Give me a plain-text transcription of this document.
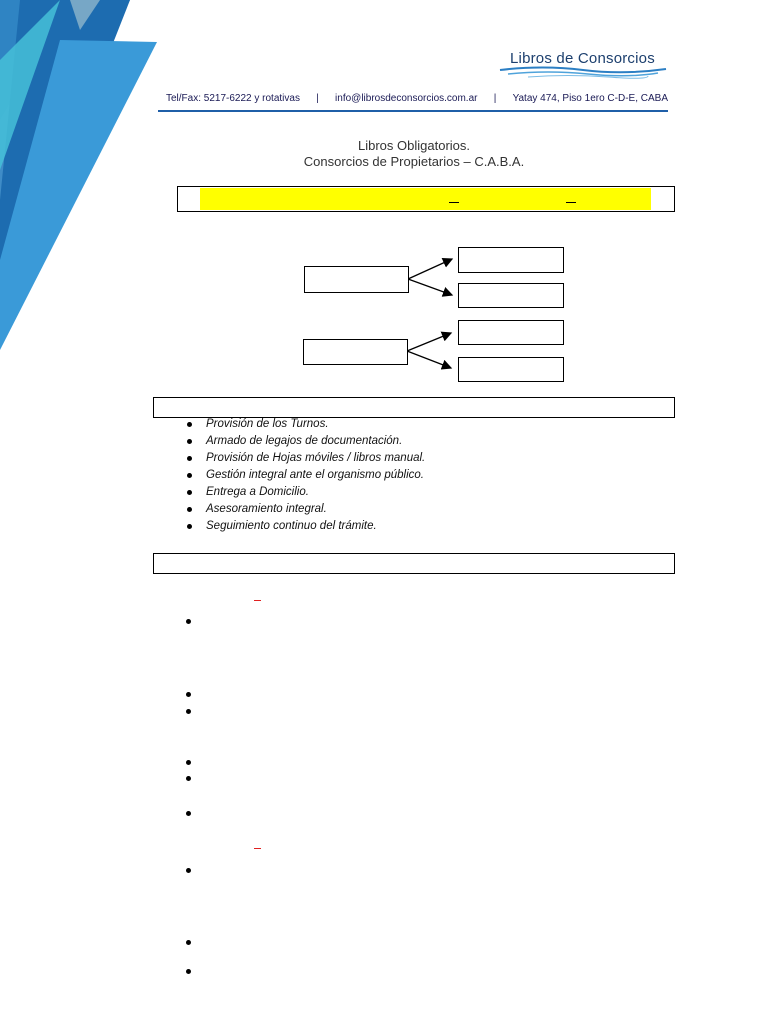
Libros de Consorcios
Tel/Fax: 5217-6222 y rotativas | info@librosdeconsorcios.com.ar | Yatay 474, Piso 1ero C-D-E, CABA
Libros Obligatorios.
Consorcios de Propietarios – C.A.B.A.
Provisión de los Turnos.
Armado de legajos de documentación.
Provisión de Hojas móviles / libros manual.
Gestión integral ante el organismo público.
Entrega a Domicilio.
Asesoramiento integral.
Seguimiento continuo del trámite.
